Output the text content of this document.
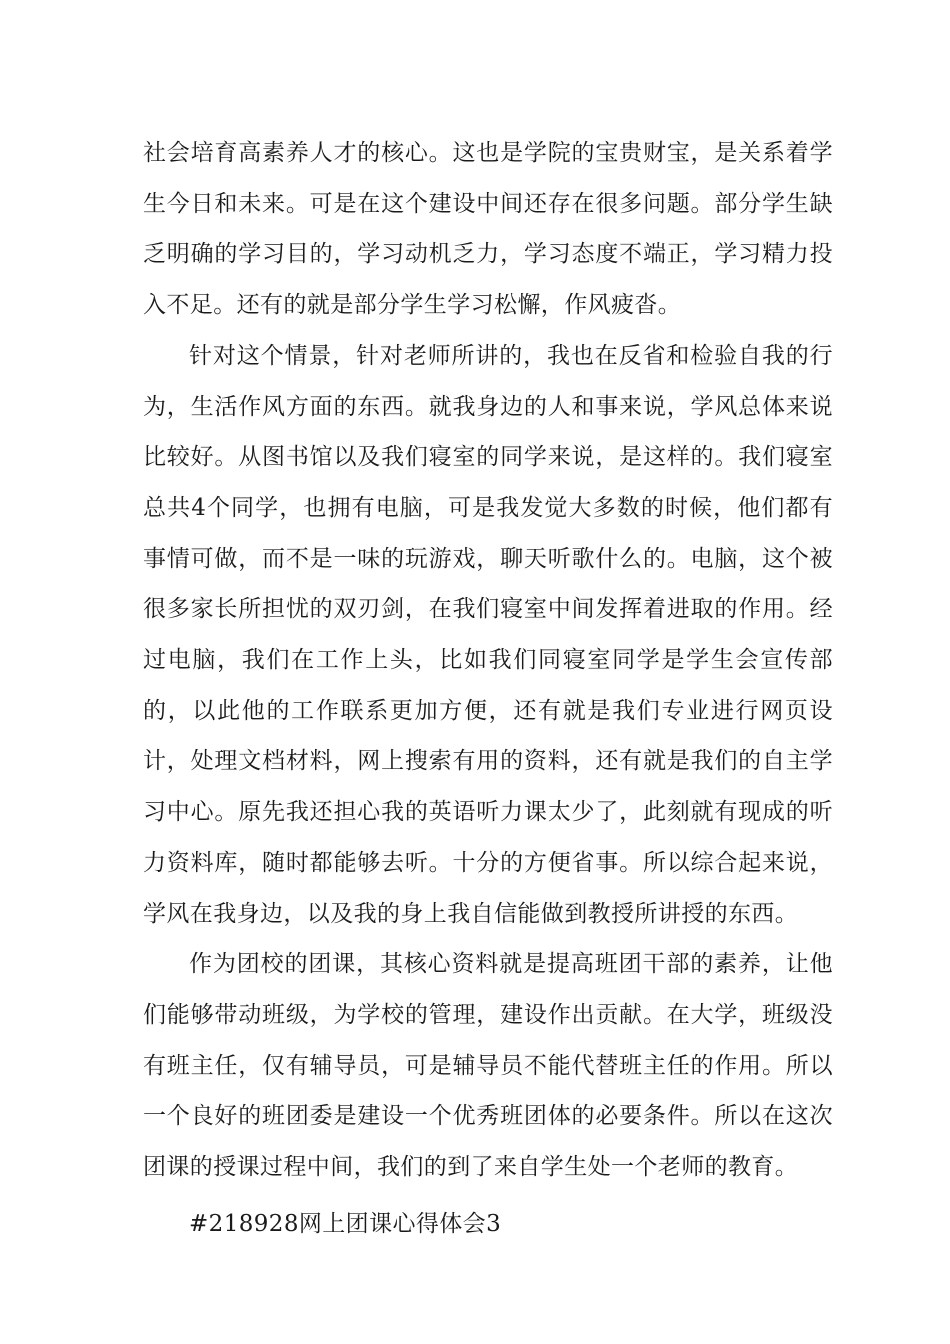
社会培育高素养人才的核心。这也是学院的宝贵财宝，是关系着学生今日和未来。可是在这个建设中间还存在很多问题。部分学生缺乏明确的学习目的，学习动机乏力，学习态度不端正，学习精力投入不足。还有的就是部分学生学习松懈，作风疲沓。

针对这个情景，针对老师所讲的，我也在反省和检验自我的行为，生活作风方面的东西。就我身边的人和事来说，学风总体来说比较好。从图书馆以及我们寝室的同学来说，是这样的。我们寝室总共4个同学，也拥有电脑，可是我发觉大多数的时候，他们都有事情可做，而不是一味的玩游戏，聊天听歌什么的。电脑，这个被很多家长所担忧的双刃剑，在我们寝室中间发挥着进取的作用。经过电脑，我们在工作上头，比如我们同寝室同学是学生会宣传部的，以此他的工作联系更加方便，还有就是我们专业进行网页设计，处理文档材料，网上搜索有用的资料，还有就是我们的自主学习中心。原先我还担心我的英语听力课太少了，此刻就有现成的听力资料库，随时都能够去听。十分的方便省事。所以综合起来说，学风在我身边，以及我的身上我自信能做到教授所讲授的东西。

作为团校的团课，其核心资料就是提高班团干部的素养，让他们能够带动班级，为学校的管理，建设作出贡献。在大学，班级没有班主任，仅有辅导员，可是辅导员不能代替班主任的作用。所以一个良好的班团委是建设一个优秀班团体的必要条件。所以在这次团课的授课过程中间，我们的到了来自学生处一个老师的教育。

#218928网上团课心得体会3
